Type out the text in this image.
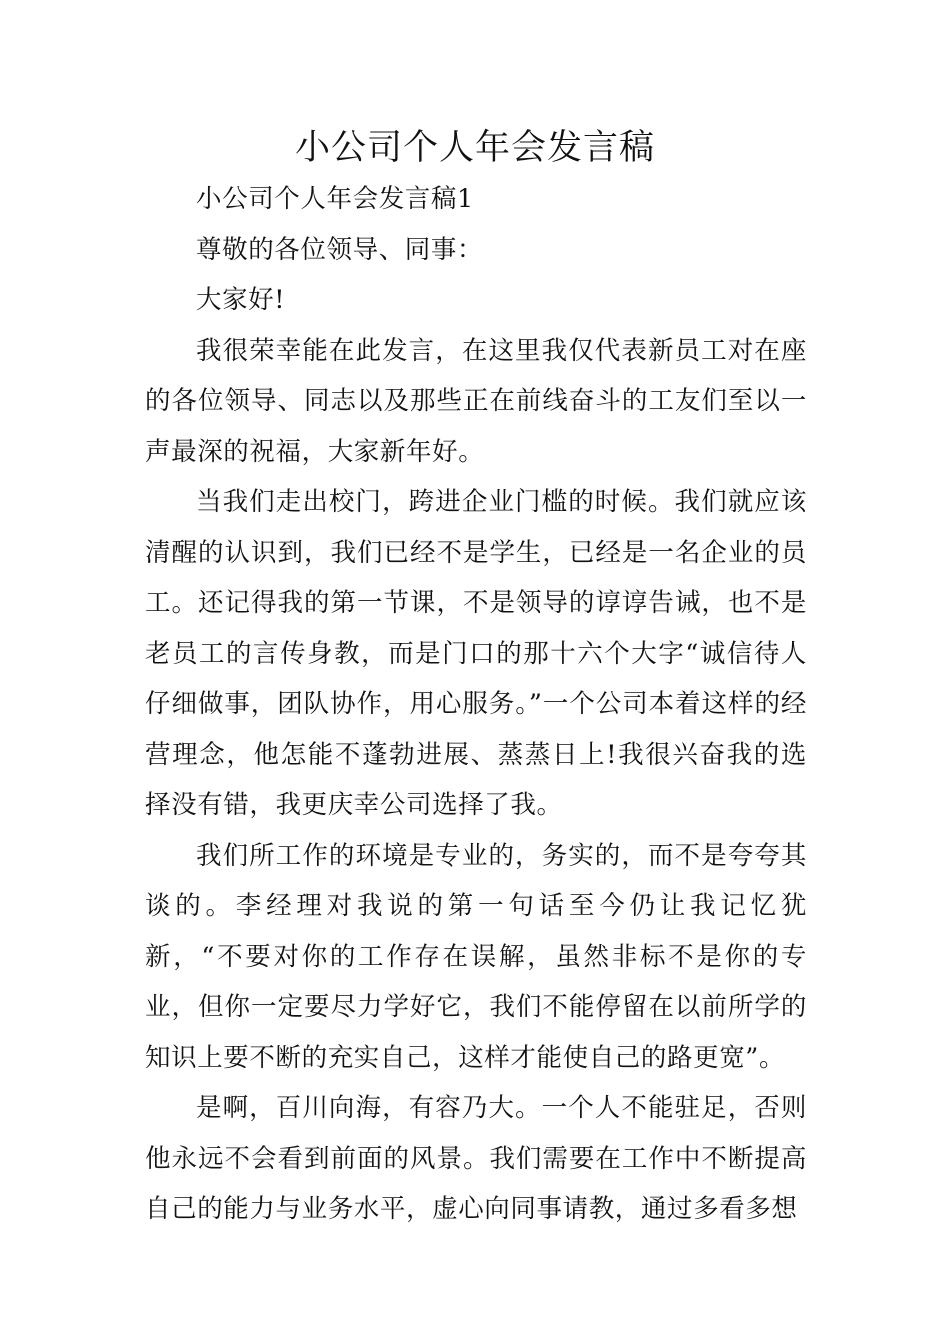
小公司个人年会发言稿

小公司个人年会发言稿1

尊敬的各位领导、同事：

大家好!

我很荣幸能在此发言，在这里我仅代表新员工对在座的各位领导、同志以及那些正在前线奋斗的工友们至以一声最深的祝福，大家新年好。

当我们走出校门，跨进企业门槛的时候。我们就应该清醒的认识到，我们已经不是学生，已经是一名企业的员工。还记得我的第一节课，不是领导的谆谆告诫，也不是老员工的言传身教，而是门口的那十六个大字“诚信待人仔细做事，团队协作，用心服务。”一个公司本着这样的经营理念，他怎能不蓬勃进展、蒸蒸日上!我很兴奋我的选择没有错，我更庆幸公司选择了我。

我们所工作的环境是专业的，务实的，而不是夸夸其谈的。李经理对我说的第一句话至今仍让我记忆犹新，“不要对你的工作存在误解，虽然非标不是你的专业，但你一定要尽力学好它，我们不能停留在以前所学的知识上要不断的充实自己，这样才能使自己的路更宽”。

是啊，百川向海，有容乃大。一个人不能驻足，否则他永远不会看到前面的风景。我们需要在工作中不断提高自己的能力与业务水平，虚心向同事请教，通过多看多想
